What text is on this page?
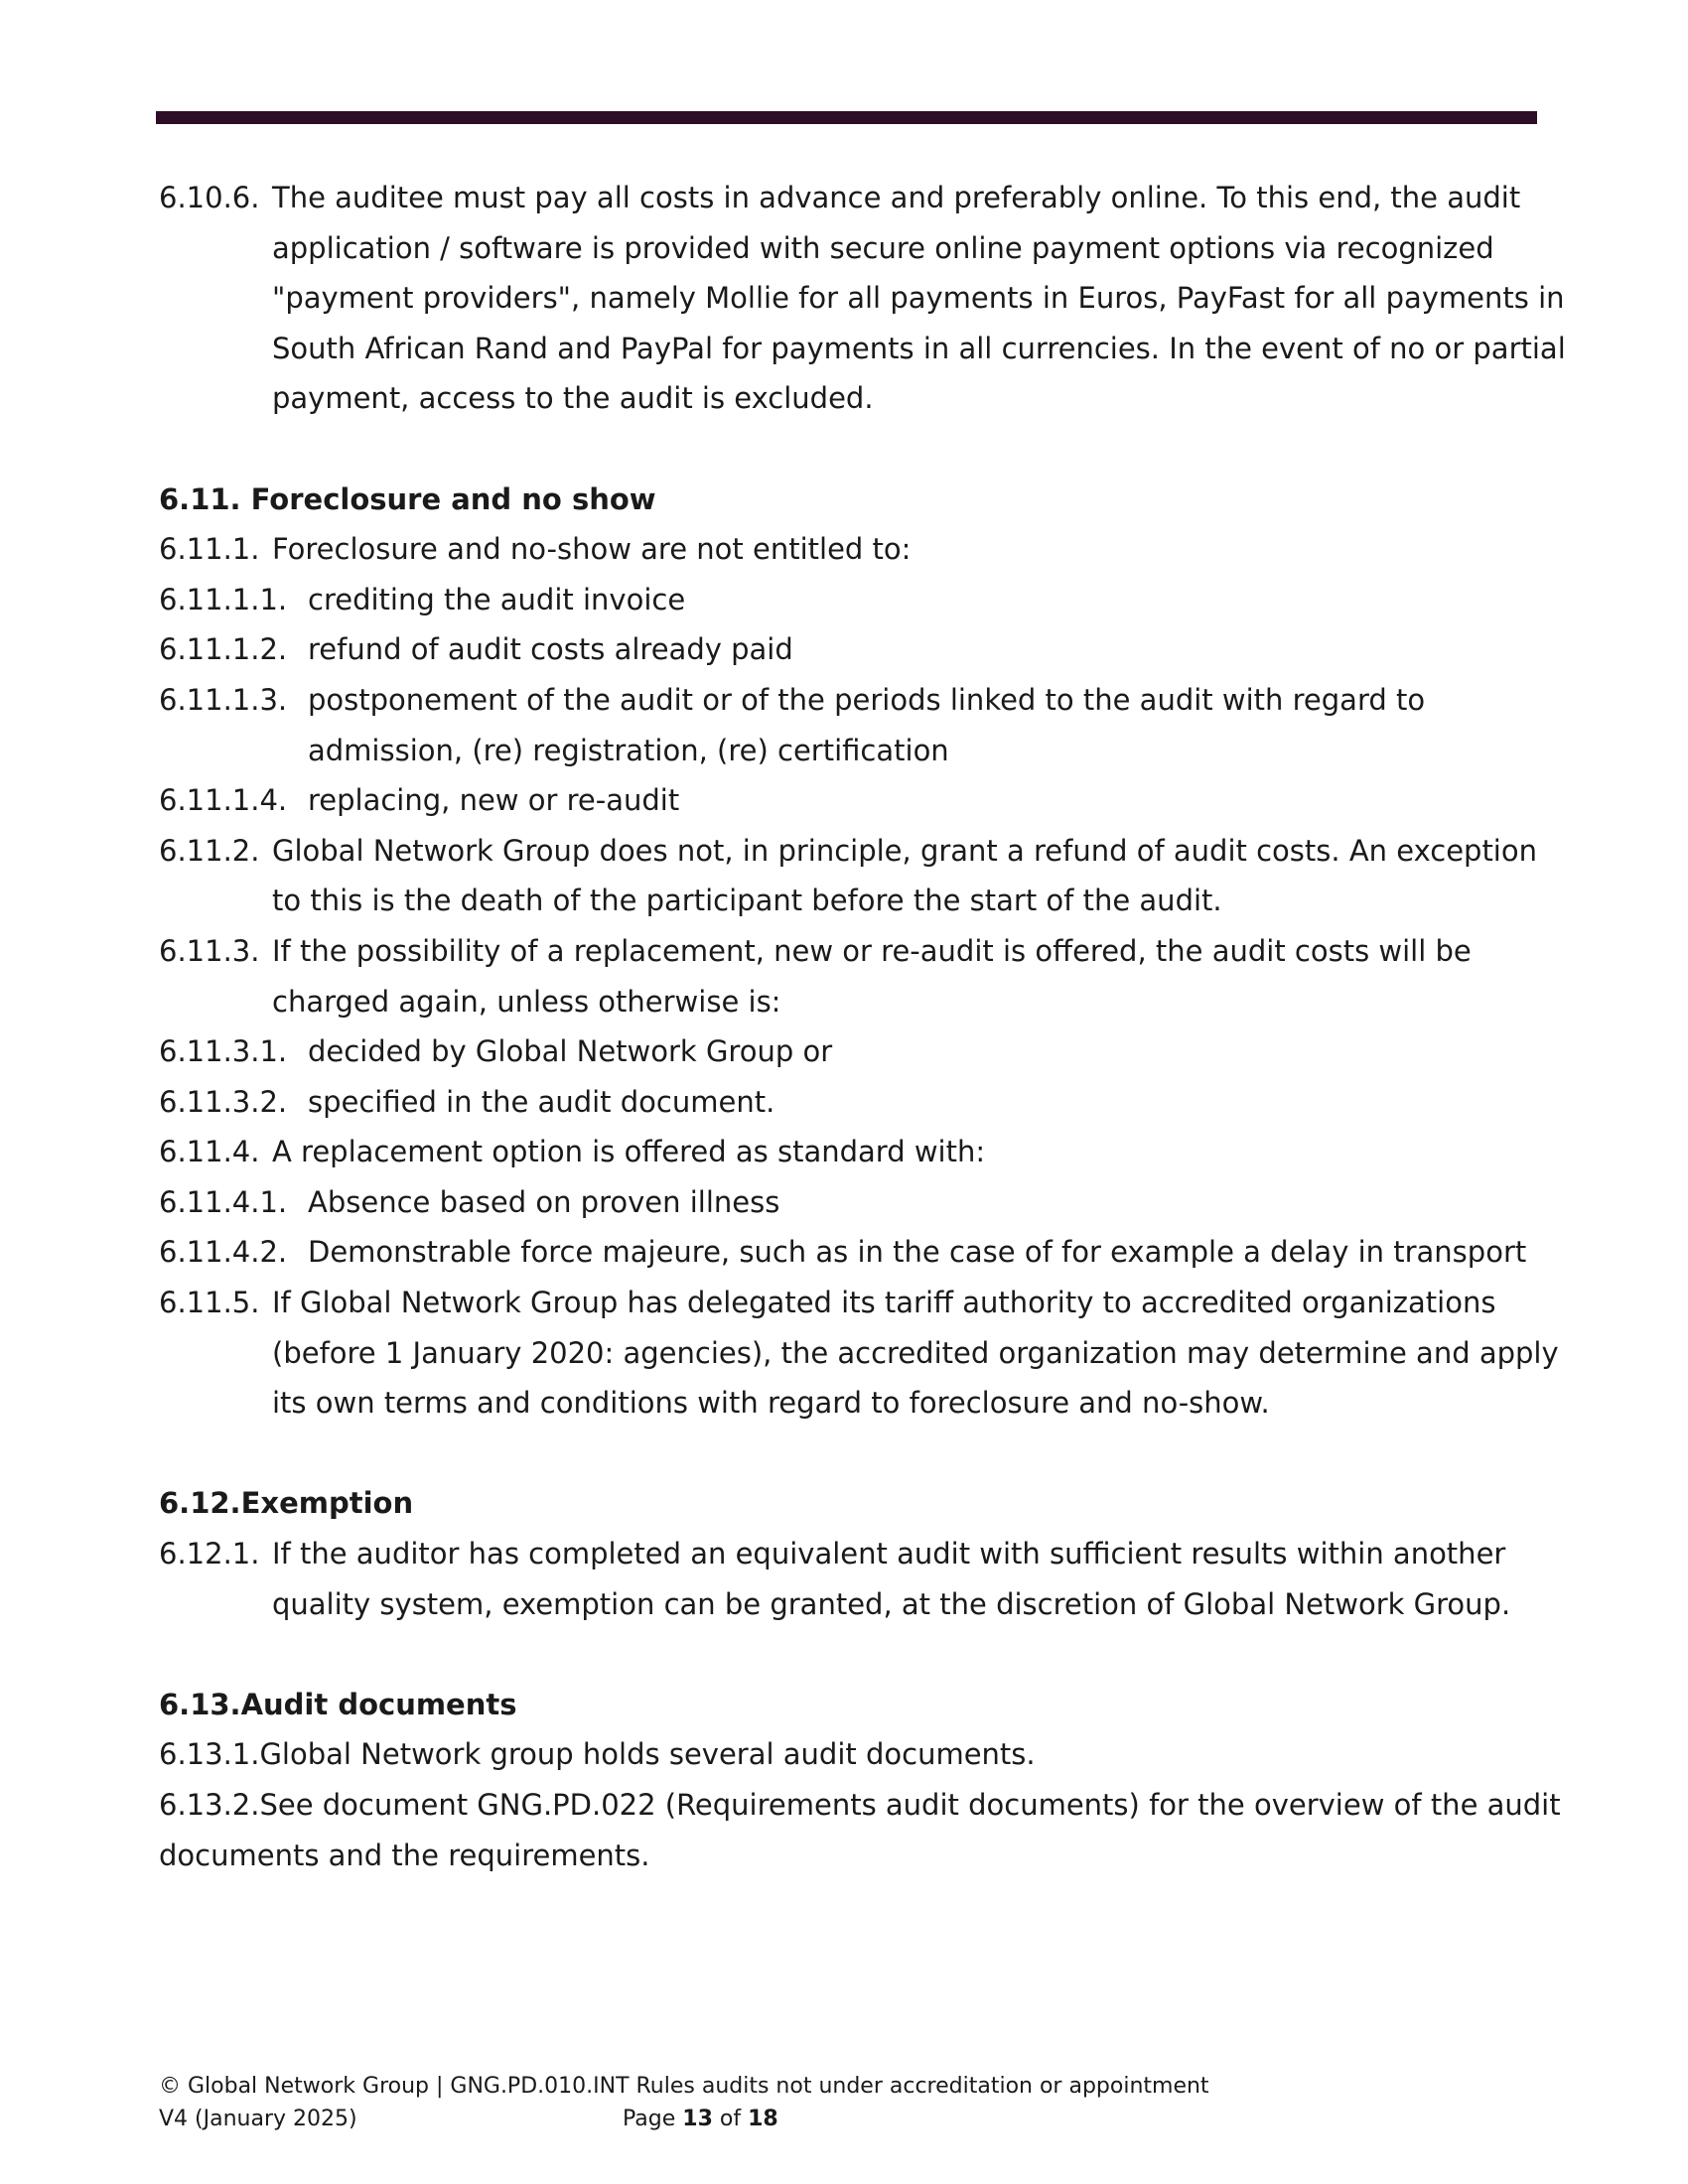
6.10.6. The auditee must pay all costs in advance and preferably online. To this end, the audit
application / software is provided with secure online payment options via recognized
"payment providers", namely Mollie for all payments in Euros, PayFast for all payments in
South African Rand and PayPal for payments in all currencies. In the event of no or partial
payment, access to the audit is excluded.
6.11. Foreclosure and no show
6.11.1. Foreclosure and no-show are not entitled to:
6.11.1.1. crediting the audit invoice
6.11.1.2. refund of audit costs already paid
6.11.1.3. postponement of the audit or of the periods linked to the audit with regard to
admission, (re) registration, (re) certification
6.11.1.4. replacing, new or re-audit
6.11.2. Global Network Group does not, in principle, grant a refund of audit costs. An exception
to this is the death of the participant before the start of the audit.
6.11.3. If the possibility of a replacement, new or re-audit is offered, the audit costs will be
charged again, unless otherwise is:
6.11.3.1. decided by Global Network Group or
6.11.3.2. specified in the audit document.
6.11.4. A replacement option is offered as standard with:
6.11.4.1. Absence based on proven illness
6.11.4.2. Demonstrable force majeure, such as in the case of for example a delay in transport
6.11.5. If Global Network Group has delegated its tariff authority to accredited organizations
(before 1 January 2020: agencies), the accredited organization may determine and apply
its own terms and conditions with regard to foreclosure and no-show.
6.12.Exemption
6.12.1. If the auditor has completed an equivalent audit with sufficient results within another
quality system, exemption can be granted, at the discretion of Global Network Group.
6.13.Audit documents
6.13.1.Global Network group holds several audit documents.
6.13.2.See document GNG.PD.022 (Requirements audit documents) for the overview of the audit
documents and the requirements.
© Global Network Group | GNG.PD.010.INT Rules audits not under accreditation or appointment
V4 (January 2025)	Page 13 of 18
